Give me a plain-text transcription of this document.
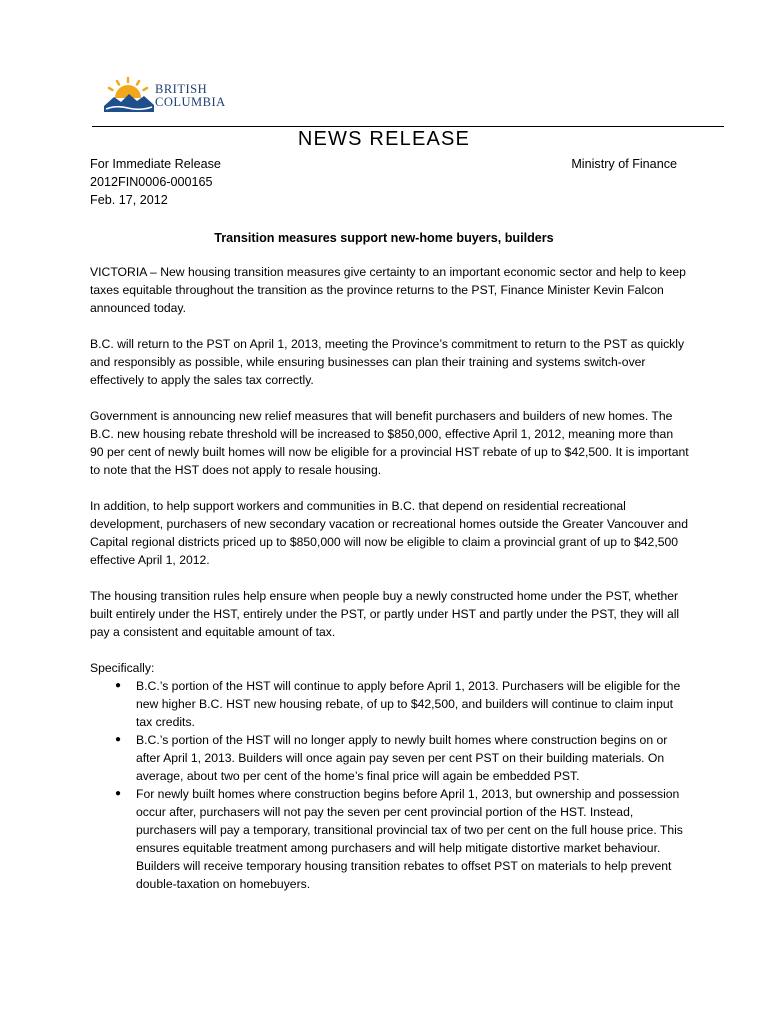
BRITISH
COLUMBIA
NEWS RELEASE
For Immediate Release
2012FIN0006-000165
Feb. 17, 2012
Ministry of Finance
Transition measures support new-home buyers, builders

VICTORIA – New housing transition measures give certainty to an important economic sector and help to keep taxes equitable throughout the transition as the province returns to the PST, Finance Minister Kevin Falcon announced today.

B.C. will return to the PST on April 1, 2013, meeting the Province’s commitment to return to the PST as quickly and responsibly as possible, while ensuring businesses can plan their training and systems switch-over effectively to apply the sales tax correctly.

Government is announcing new relief measures that will benefit purchasers and builders of new homes. The B.C. new housing rebate threshold will be increased to $850,000, effective April 1, 2012, meaning more than 90 per cent of newly built homes will now be eligible for a provincial HST rebate of up to $42,500. It is important to note that the HST does not apply to resale housing.

In addition, to help support workers and communities in B.C. that depend on residential recreational development, purchasers of new secondary vacation or recreational homes outside the Greater Vancouver and Capital regional districts priced up to $850,000 will now be eligible to claim a provincial grant of up to $42,500 effective April 1, 2012.

The housing transition rules help ensure when people buy a newly constructed home under the PST, whether built entirely under the HST, entirely under the PST, or partly under HST and partly under the PST, they will all pay a consistent and equitable amount of tax.

Specifically:

● B.C.’s portion of the HST will continue to apply before April 1, 2013. Purchasers will be eligible for the new higher B.C. HST new housing rebate, of up to $42,500, and builders will continue to claim input tax credits.
● B.C.’s portion of the HST will no longer apply to newly built homes where construction begins on or after April 1, 2013. Builders will once again pay seven per cent PST on their building materials. On average, about two per cent of the home’s final price will again be embedded PST.
● For newly built homes where construction begins before April 1, 2013, but ownership and possession occur after, purchasers will not pay the seven per cent provincial portion of the HST. Instead, purchasers will pay a temporary, transitional provincial tax of two per cent on the full house price. This ensures equitable treatment among purchasers and will help mitigate distortive market behaviour. Builders will receive temporary housing transition rebates to offset PST on materials to help prevent double-taxation on homebuyers.
